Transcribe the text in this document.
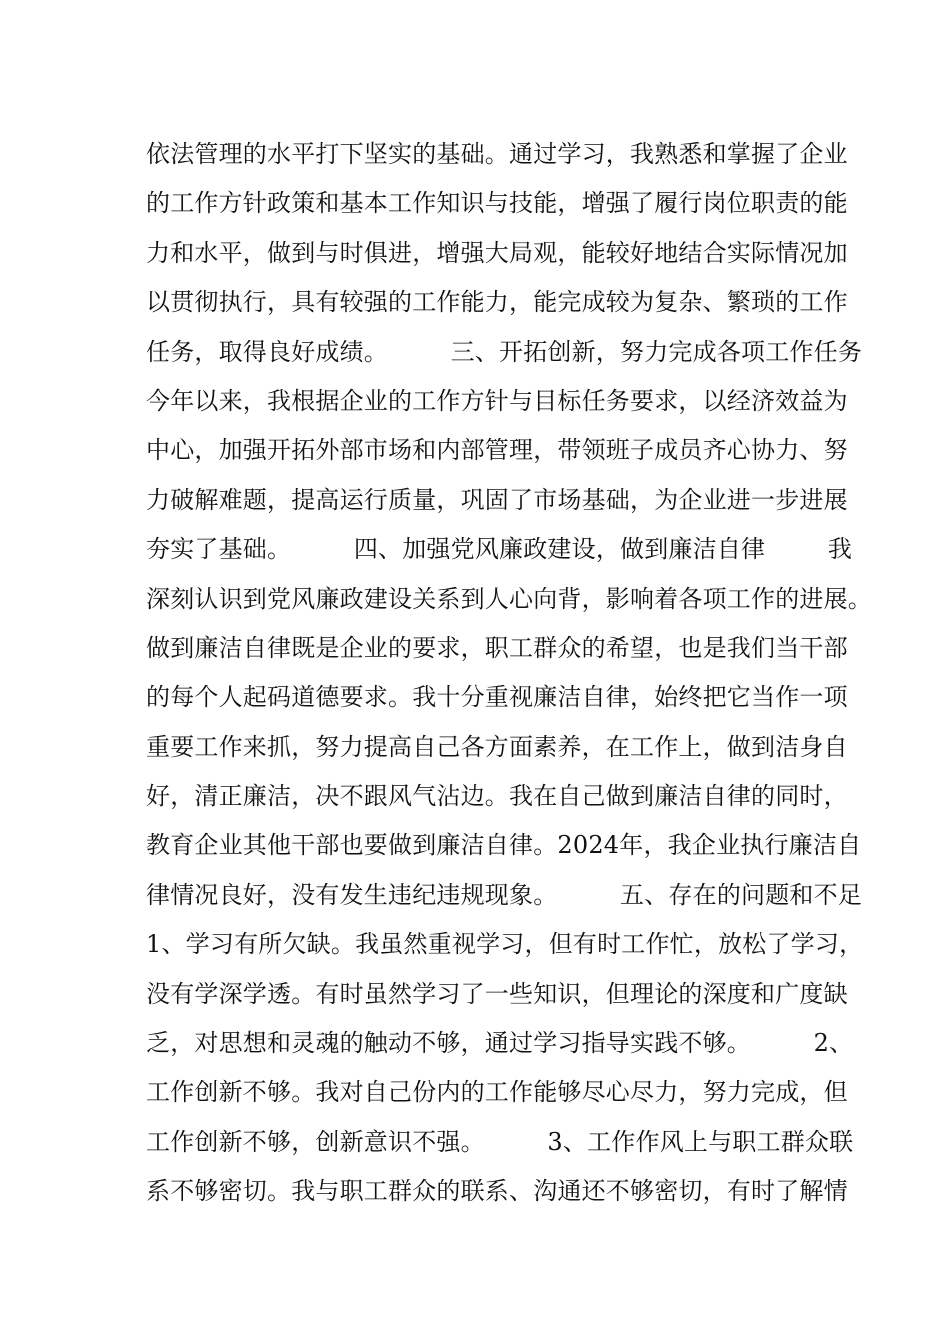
依法管理的水平打下坚实的基础。通过学习，我熟悉和掌握了企业
的工作方针政策和基本工作知识与技能，增强了履行岗位职责的能
力和水平，做到与时俱进，增强大局观，能较好地结合实际情况加
以贯彻执行，具有较强的工作能力，能完成较为复杂、繁琐的工作
任务，取得良好成绩。        三、开拓创新，努力完成各项工作任务
今年以来，我根据企业的工作方针与目标任务要求，以经济效益为
中心，加强开拓外部市场和内部管理，带领班子成员齐心协力、努
力破解难题，提高运行质量，巩固了市场基础，为企业进一步进展
夯实了基础。        四、加强党风廉政建设，做到廉洁自律        我
深刻认识到党风廉政建设关系到人心向背，影响着各项工作的进展。
做到廉洁自律既是企业的要求，职工群众的希望，也是我们当干部
的每个人起码道德要求。我十分重视廉洁自律，始终把它当作一项
重要工作来抓，努力提高自己各方面素养，在工作上，做到洁身自
好，清正廉洁，决不跟风气沾边。我在自己做到廉洁自律的同时，
教育企业其他干部也要做到廉洁自律。2024年，我企业执行廉洁自
律情况良好，没有发生违纪违规现象。        五、存在的问题和不足
1、学习有所欠缺。我虽然重视学习，但有时工作忙，放松了学习，
没有学深学透。有时虽然学习了一些知识，但理论的深度和广度缺
乏，对思想和灵魂的触动不够，通过学习指导实践不够。        2、
工作创新不够。我对自己份内的工作能够尽心尽力，努力完成，但
工作创新不够，创新意识不强。        3、工作作风上与职工群众联
系不够密切。我与职工群众的联系、沟通还不够密切，有时了解情
